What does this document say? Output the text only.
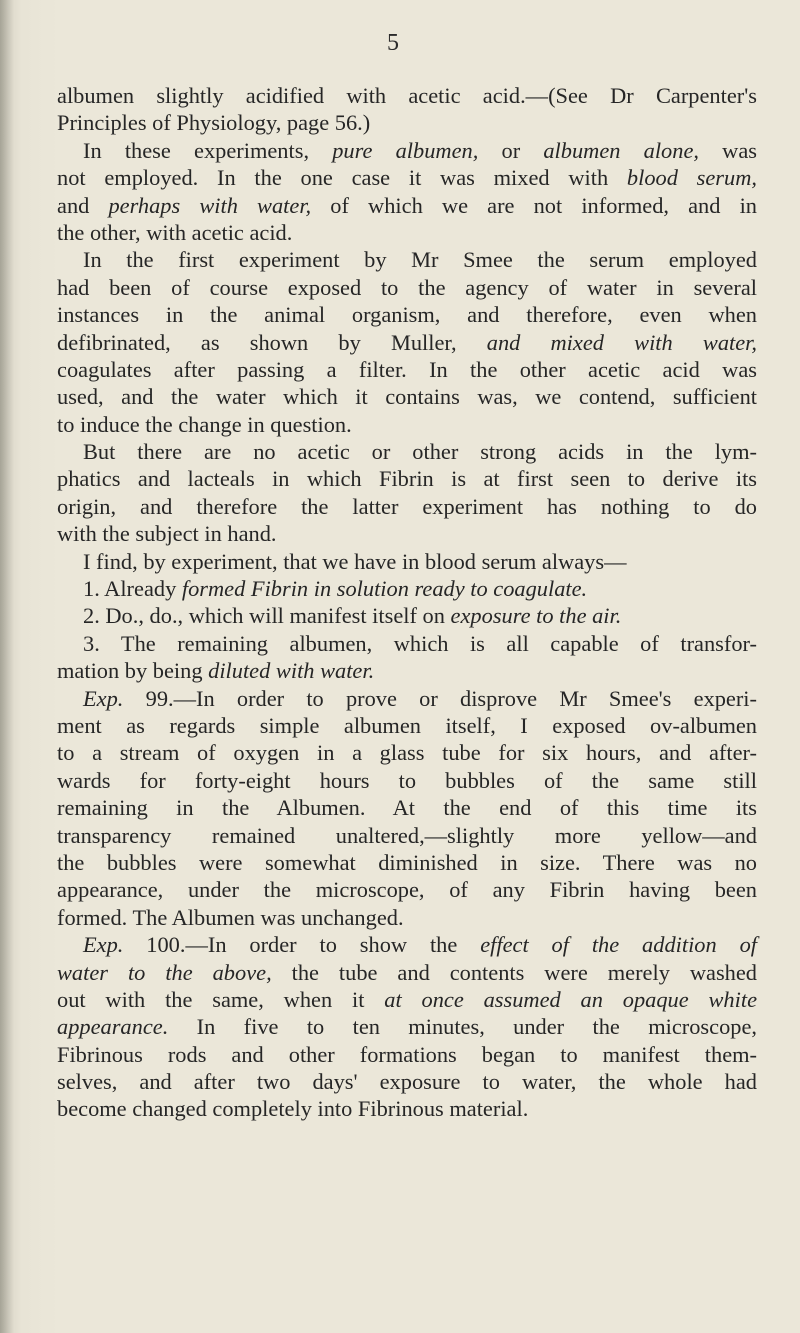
5
albumen slightly acidified with acetic acid.—(See Dr Carpenter's
Principles of Physiology, page 56.)
In these experiments, pure albumen, or albumen alone, was
not employed. In the one case it was mixed with blood serum,
and perhaps with water, of which we are not informed, and in
the other, with acetic acid.
In the first experiment by Mr Smee the serum employed
had been of course exposed to the agency of water in several
instances in the animal organism, and therefore, even when
defibrinated, as shown by Muller, and mixed with water,
coagulates after passing a filter. In the other acetic acid was
used, and the water which it contains was, we contend, sufficient
to induce the change in question.
But there are no acetic or other strong acids in the lym-
phatics and lacteals in which Fibrin is at first seen to derive its
origin, and therefore the latter experiment has nothing to do
with the subject in hand.
I find, by experiment, that we have in blood serum always—
1. Already formed Fibrin in solution ready to coagulate.
2. Do., do., which will manifest itself on exposure to the air.
3. The remaining albumen, which is all capable of transfor-
mation by being diluted with water.
Exp. 99.—In order to prove or disprove Mr Smee's experi-
ment as regards simple albumen itself, I exposed ov-albumen
to a stream of oxygen in a glass tube for six hours, and after-
wards for forty-eight hours to bubbles of the same still
remaining in the Albumen. At the end of this time its
transparency remained unaltered,—slightly more yellow—and
the bubbles were somewhat diminished in size. There was no
appearance, under the microscope, of any Fibrin having been
formed. The Albumen was unchanged.
Exp. 100.—In order to show the effect of the addition of
water to the above, the tube and contents were merely washed
out with the same, when it at once assumed an opaque white
appearance. In five to ten minutes, under the microscope,
Fibrinous rods and other formations began to manifest them-
selves, and after two days' exposure to water, the whole had
become changed completely into Fibrinous material.
